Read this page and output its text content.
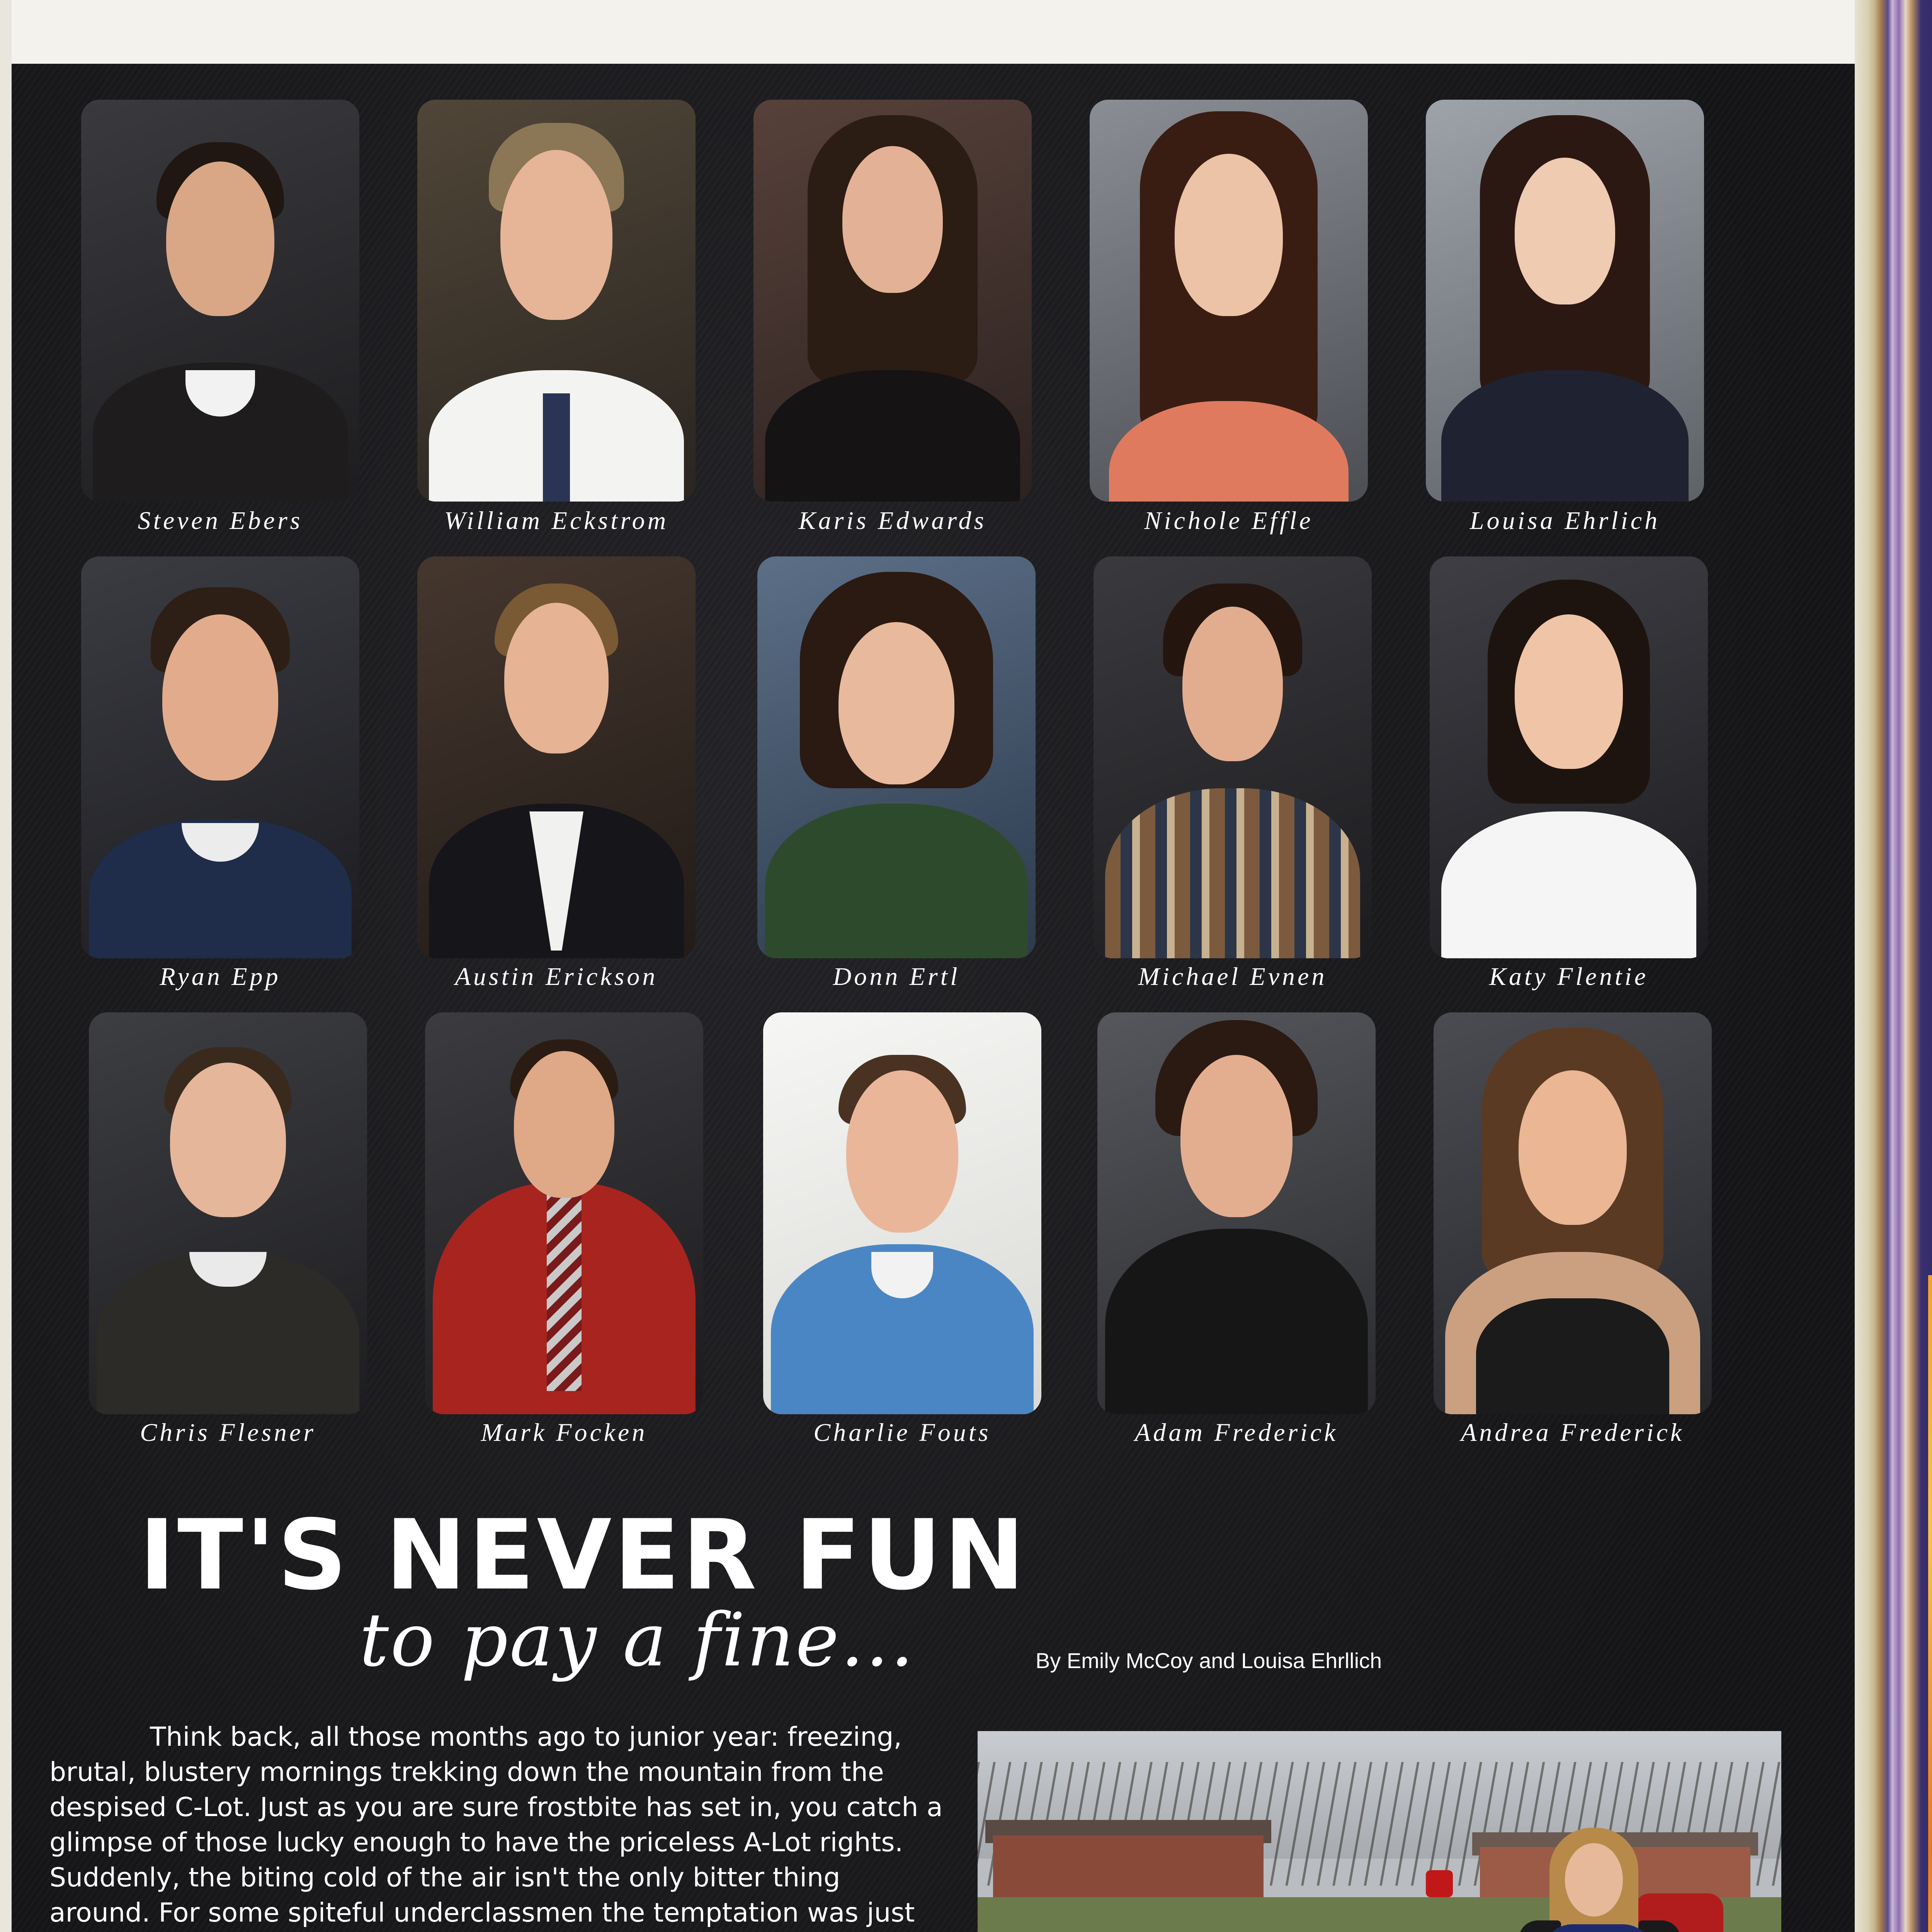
Steven Ebers	William Eckstrom	Karis Edwards	Nichole Effle	Louisa Ehrlich
Ryan Epp	Austin Erickson	Donn Ertl	Michael Evnen	Katy Flentie
Chris Flesner	Mark Focken	Charlie Fouts	Adam Frederick	Andrea Frederick
IT'S NEVER FUN
to pay a fine...	By Emily McCoy and Louisa Ehrllich

Think back, all those months ago to junior year: freezing, brutal, blustery mornings trekking down the mountain from the despised C-Lot. Just as you are sure frostbite has set in, you catch a glimpse of those lucky enough to have the priceless A-Lot rights. Suddenly, the biting cold of the air isn't the only bitter thing around. For some spiteful underclassmen the temptation was just
